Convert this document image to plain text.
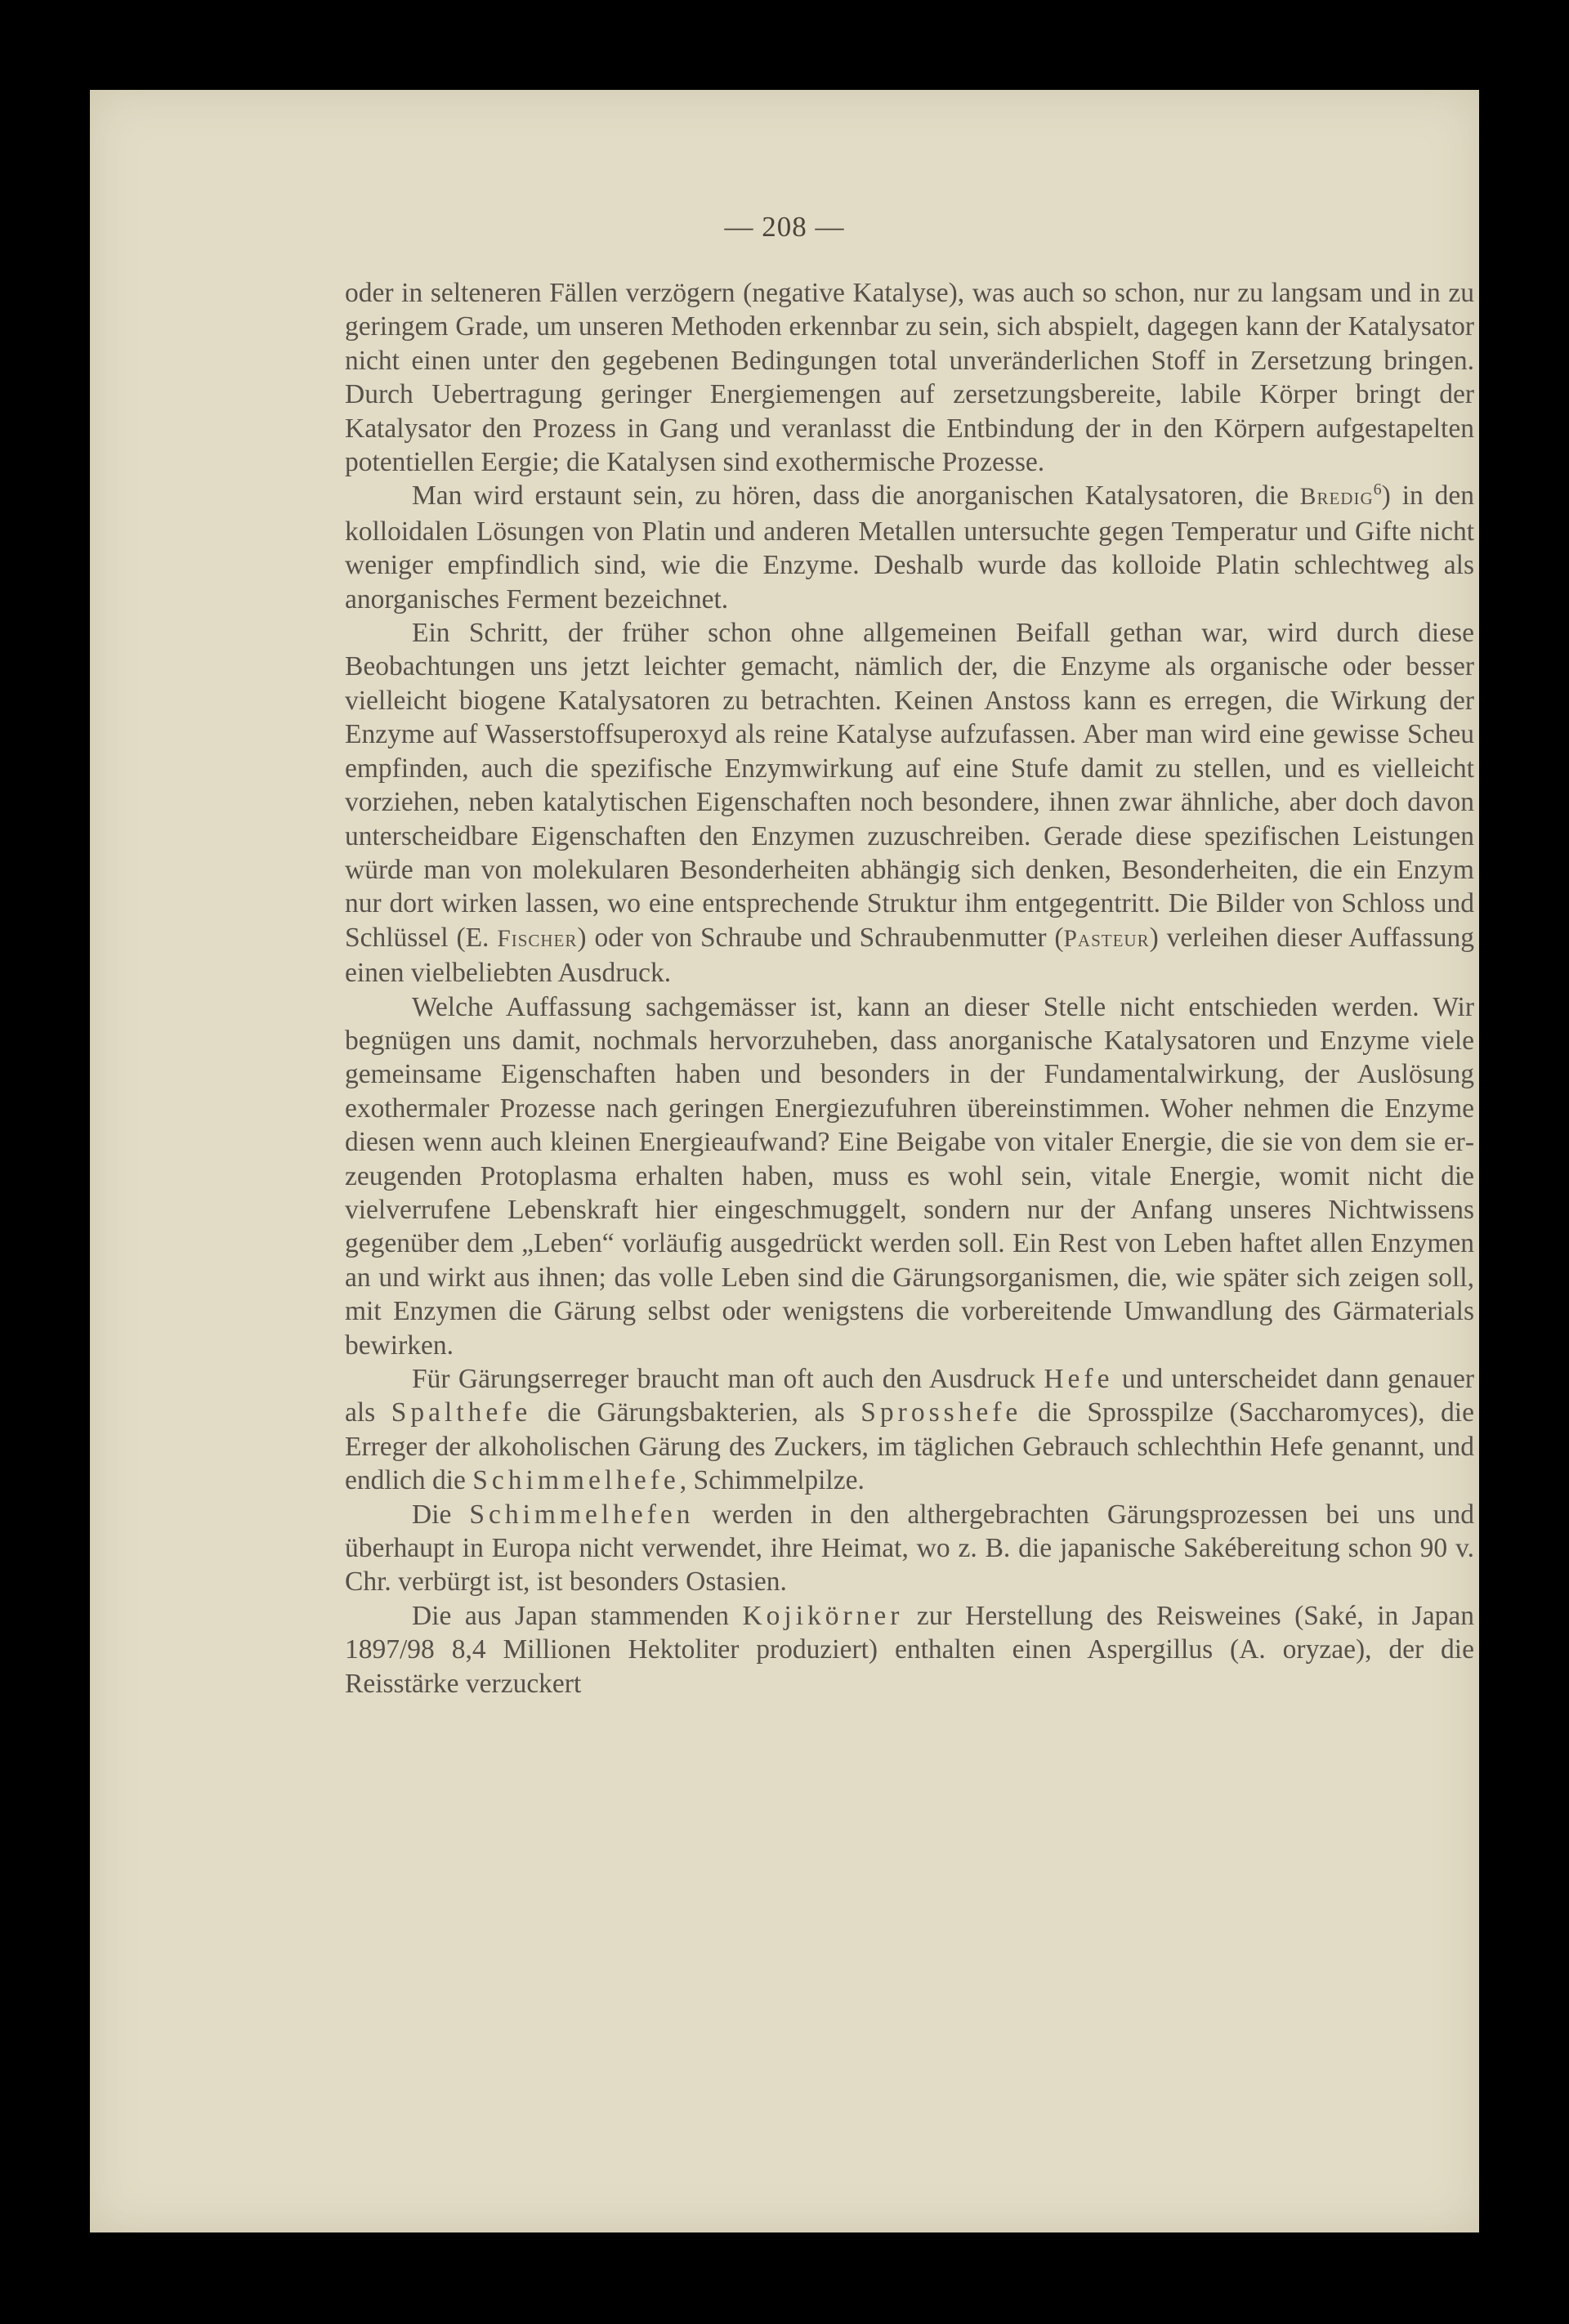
— 208 —

oder in selteneren Fällen verzögern (negative Katalyse), was auch so schon, nur zu langsam und in zu geringem Grade, um unseren Methoden erkennbar zu sein, sich abspielt, dagegen kann der Katalysator nicht einen unter den gegebenen Bedingungen total unveränderlichen Stoff in Zersetzung bringen. Durch Uebertragung geringer Energiemengen auf zersetzungsbereite, labile Körper bringt der Katalysator den Prozess in Gang und veranlasst die Entbindung der in den Körpern aufgestapelten potentiellen Eergie; die Katalysen sind exothermische Prozesse.

Man wird erstaunt sein, zu hören, dass die anorganischen Katalysatoren, die Bredig$^6$) in den kolloidalen Lösungen von Platin und anderen Metallen untersuchte gegen Temperatur und Gifte nicht weniger empfindlich sind, wie die Enzyme. Deshalb wurde das kolloide Platin schlechtweg als anorganisches Ferment bezeichnet.

Ein Schritt, der früher schon ohne allgemeinen Beifall gethan war, wird durch diese Beobachtungen uns jetzt leichter gemacht, nämlich der, die Enzyme als organische oder besser vielleicht biogene Katalysatoren zu betrachten. Keinen Anstoss kann es erregen, die Wirkung der Enzyme auf Wasserstoffsuperoxyd als reine Katalyse aufzufassen. Aber man wird eine gewisse Scheu empfinden, auch die spezifische Enzymwirkung auf eine Stufe damit zu stellen, und es vielleicht vorziehen, neben katalytischen Eigenschaften noch besondere, ihnen zwar ähnliche, aber doch davon unterscheidbare Eigenschaften den Enzymen zuzuschreiben. Gerade diese spezifischen Leistungen würde man von molekularen Besonderheiten abhängig sich denken, Besonderheiten, die ein Enzym nur dort wirken lassen, wo eine entsprechende Struktur ihm entgegentritt. Die Bilder von Schloss und Schlüssel (E. Fischer) oder von Schraube und Schraubenmutter (Pasteur) verleihen dieser Auffassung einen vielbeliebten Ausdruck.

Welche Auffassung sachgemässer ist, kann an dieser Stelle nicht entschieden werden. Wir begnügen uns damit, nochmals hervorzuheben, dass anorganische Katalysatoren und Enzyme viele gemeinsame Eigenschaften haben und besonders in der Fundamentalwirkung, der Auslösung exothermaler Prozesse nach geringen Energiezufuhren übereinstimmen. Woher nehmen die Enzyme diesen wenn auch kleinen Energieaufwand? Eine Beigabe von vitaler Energie, die sie von dem sie erzeugenden Protoplasma erhalten haben, muss es wohl sein, vitale Energie, womit nicht die vielverrufene Lebenskraft hier eingeschmuggelt, sondern nur der Anfang unseres Nichtwissens gegenüber dem „Leben“ vorläufig ausgedrückt werden soll. Ein Rest von Leben haftet allen Enzymen an und wirkt aus ihnen; das volle Leben sind die Gärungsorganismen, die, wie später sich zeigen soll, mit Enzymen die Gärung selbst oder wenigstens die vorbereitende Umwandlung des Gärmaterials bewirken.

Für Gärungserreger braucht man oft auch den Ausdruck Hefe und unterscheidet dann genauer als Spalthefe die Gärungsbakterien, als Sprosshefe die Sprosspilze (Saccharomyces), die Erreger der alkoholischen Gärung des Zuckers, im täglichen Gebrauch schlechthin Hefe genannt, und endlich die Schimmelhefe, Schimmelpilze.

Die Schimmelhefen werden in den althergebrachten Gärungsprozessen bei uns und überhaupt in Europa nicht verwendet, ihre Heimat, wo z. B. die japanische Sakébereitung schon 90 v. Chr. verbürgt ist, ist besonders Ostasien.

Die aus Japan stammenden Kojikörner zur Herstellung des Reisweines (Saké, in Japan 1897/98 8,4 Millionen Hektoliter produziert) enthalten einen Aspergillus (A. oryzae), der die Reisstärke verzuckert
